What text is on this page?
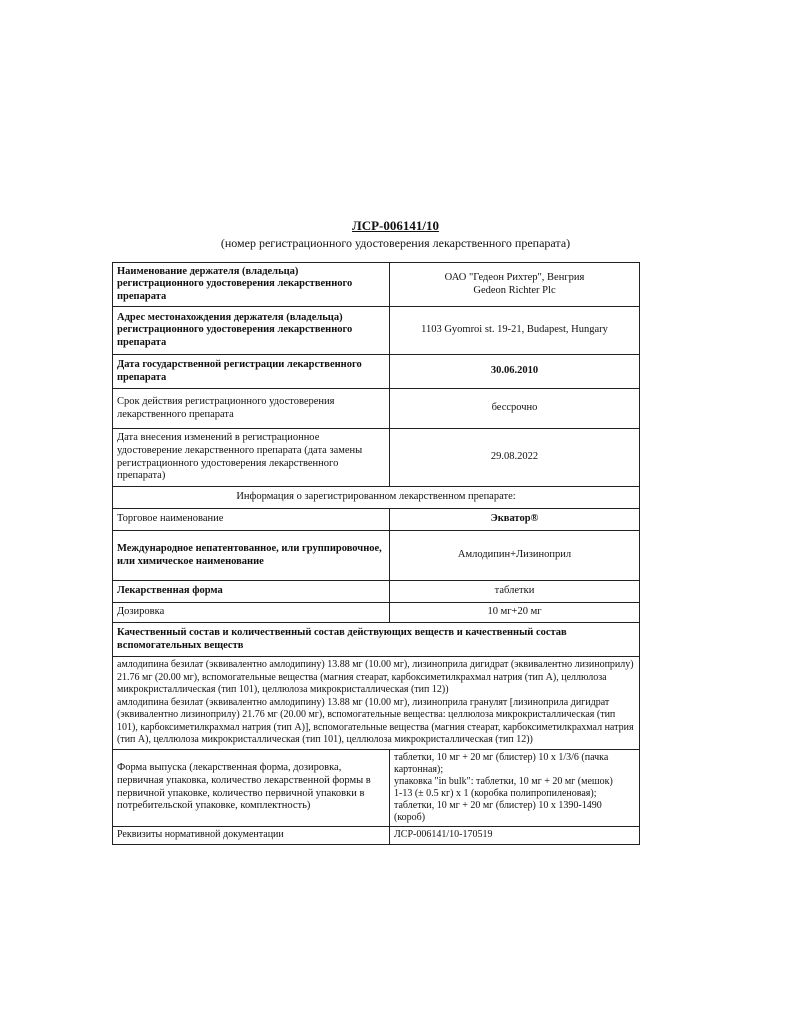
ЛСР-006141/10
(номер регистрационного удостоверения лекарственного препарата)
Наименование держателя (владельца) регистрационного удостоверения лекарственного препарата	ОАО "Гедеон Рихтер", Венгрия
Gedeon Richter Plc

Адрес местонахождения держателя (владельца) регистрационного удостоверения лекарственного препарата	1103 Gyomroi st. 19-21, Budapest, Hungary
Дата государственной регистрации лекарственного препарата	30.06.2010
Срок действия регистрационного удостоверения лекарственного препарата	бессрочно
Дата внесения изменений в регистрационное удостоверение лекарственного препарата (дата замены регистрационного удостоверения лекарственного препарата)	29.08.2022
Информация о зарегистрированном лекарственном препарате:	
Торговое наименование	Экватор®
Международное непатентованное, или группировочное, или химическое наименование	Амлодипин+Лизиноприл
Лекарственная форма	таблетки
Дозировка	10 мг+20 мг
Качественный состав и количественный состав действующих веществ и качественный состав вспомогательных веществ	

амлодипина безилат (эквивалентно амлодипину) 13.88 мг (10.00 мг), лизиноприла дигидрат (эквивалентно лизиноприлу) 21.76 мг (20.00 мг), вспомогательные вещества (магния стеарат, карбоксиметилкрахмал натрия (тип А), целлюлоза микрокристаллическая (тип 101), целлюлоза микрокристаллическая (тип 12))
амлодипина безилат (эквивалентно амлодипину) 13.88 мг (10.00 мг), лизиноприла гранулят [лизиноприла дигидрат (эквивалентно лизиноприлу) 21.76 мг (20.00 мг), вспомогательные вещества: целлюлоза микрокристаллическая (тип 101), карбоксиметилкрахмал натрия (тип А)], вспомогательные вещества (магния стеарат, карбоксиметилкрахмал натрия (тип А), целлюлоза микрокристаллическая (тип 101), целлюлоза микрокристаллическая (тип 12))	

Форма выпуска (лекарственная форма, дозировка, первичная упаковка, количество лекарственной формы в первичной упаковке, количество первичной упаковки в потребительской упаковке, комплектность)	таблетки, 10 мг + 20 мг (блистер) 10 х 1/3/6 (пачка картонная);
упаковка "in bulk": таблетки, 10 мг + 20 мг (мешок)
1-13 (± 0.5 кг) х 1 (коробка полипропиленовая);
таблетки, 10 мг + 20 мг (блистер) 10 х 1390-1490 (короб)

Реквизиты нормативной документации	ЛСР-006141/10-170519
